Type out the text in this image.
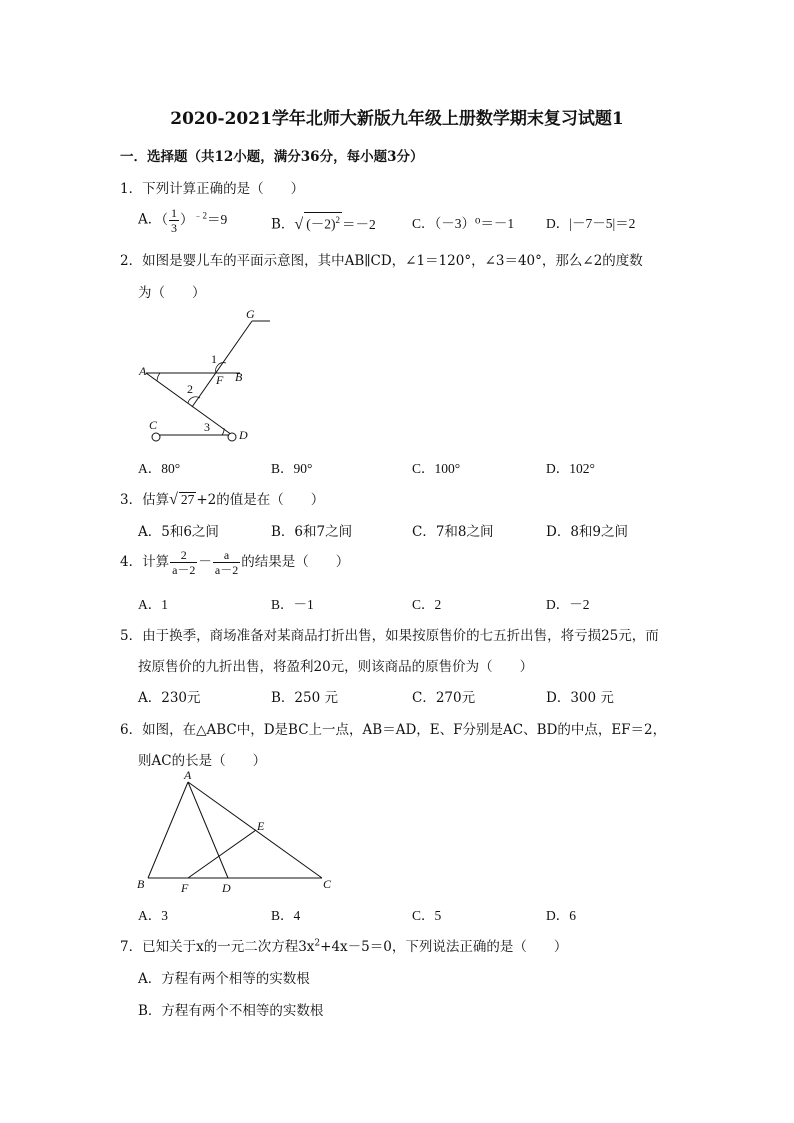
2020-2021学年北师大新版九年级上册数学期末复习试题1
一．选择题（共12小题，满分36分，每小题3分）
1．下列计算正确的是（　　）
A．（ $\frac{1}{3} )^{﹣2}=9$	B．√ $(-2)^2 =-2$	C．（－3）⁰＝－1 D．|－7－5|＝2
2．如图是婴儿车的平面示意图，其中AB∥CD，∠1＝120°，∠3＝40°，那么∠2的度数
为（　　）
G
A	B
F
C
D
1
2
3
A．80°	B．90°	C．100°	D．102°
3．估算√ 27 +2的值是在（　　）
A．5和6之间	B．6和7之间	C．7和8之间	D．8和9之间
4．计算 $\frac{2}{a-2} - \frac{a}{a-2}$ 的结果是（　　）
A．1	B．－1	C．2	D．－2
5．由于换季，商场准备对某商品打折出售，如果按原售价的七五折出售，将亏损25元，而
按原售价的九折出售，将盈利20元，则该商品的原售价为（　　）
A．230元	B．250 元	C．270元	D．300 元
6．如图，在△ABC中，D是BC上一点，AB＝AD，E、F分别是AC、BD的中点，EF＝2，
则AC的长是（　　）
A
B	C
D
E
F
A．3	B．4	C．5	D．6
7．已知关于x的一元二次方程$3x^2+4x-5=0$，下列说法正确的是（　　）
A．方程有两个相等的实数根
B．方程有两个不相等的实数根
